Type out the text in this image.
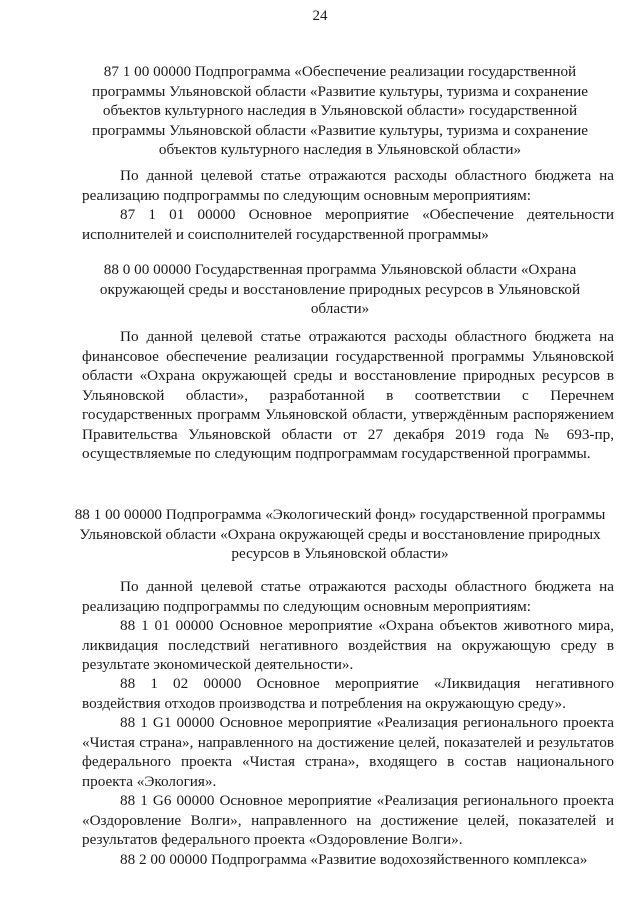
24
87 1 00 00000 Подпрограмма «Обеспечение реализации государственной программы Ульяновской области «Развитие культуры, туризма и сохранение объектов культурного наследия в Ульяновской области» государственной программы Ульяновской области «Развитие культуры, туризма и сохранение объектов культурного наследия в Ульяновской области»
По данной целевой статье отражаются расходы областного бюджета на реализацию подпрограммы по следующим основным мероприятиям:
87 1 01 00000 Основное мероприятие «Обеспечение деятельности исполнителей и соисполнителей государственной программы»
88 0 00 00000 Государственная программа Ульяновской области «Охрана окружающей среды и восстановление природных ресурсов в Ульяновской области»
По данной целевой статье отражаются расходы областного бюджета на финансовое обеспечение реализации государственной программы Ульяновской области «Охрана окружающей среды и восстановление природных ресурсов в Ульяновской области», разработанной в соответствии с Перечнем государственных программ Ульяновской области, утверждённым распоряжением Правительства Ульяновской области от 27 декабря 2019 года № 693-пр, осуществляемые по следующим подпрограммам государственной программы.
88 1 00 00000 Подпрограмма «Экологический фонд» государственной программы Ульяновской области «Охрана окружающей среды и восстановление природных ресурсов в Ульяновской области»
По данной целевой статье отражаются расходы областного бюджета на реализацию подпрограммы по следующим основным мероприятиям:
88 1 01 00000 Основное мероприятие «Охрана объектов животного мира, ликвидация последствий негативного воздействия на окружающую среду в результате экономической деятельности».
88 1 02 00000 Основное мероприятие «Ликвидация негативного воздействия отходов производства и потребления на окружающую среду».
88 1 G1 00000 Основное мероприятие «Реализация регионального проекта «Чистая страна», направленного на достижение целей, показателей и результатов федерального проекта «Чистая страна», входящего в состав национального проекта «Экология».
88 1 G6 00000 Основное мероприятие «Реализация регионального проекта «Оздоровление Волги», направленного на достижение целей, показателей и результатов федерального проекта «Оздоровление Волги».
88 2 00 00000 Подпрограмма «Развитие водохозяйственного комплекса»
